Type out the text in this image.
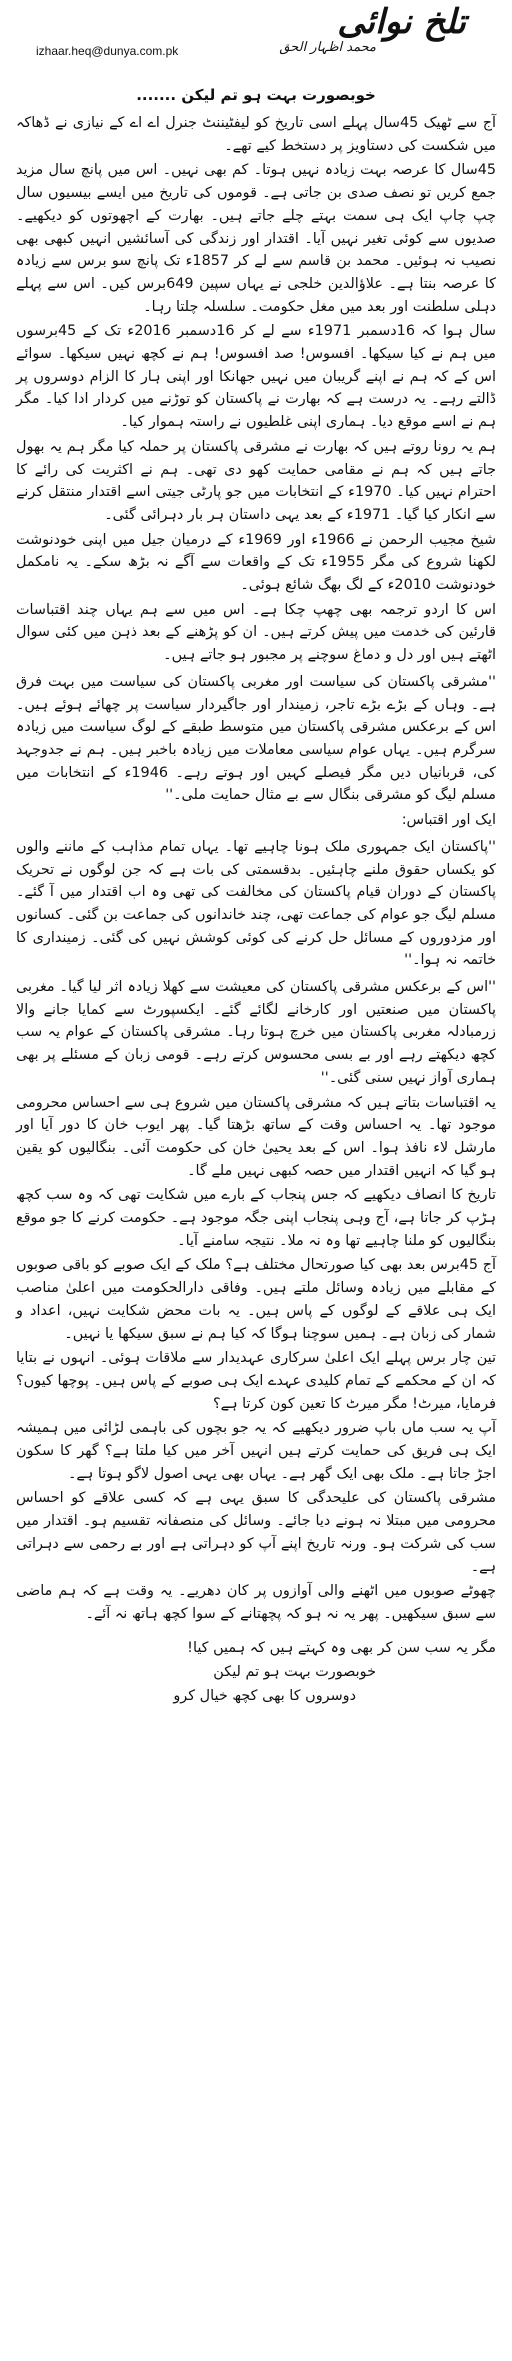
تلخ نوائی
محمد اظہار الحق
izhaar.heq@dunya.com.pk
خوبصورت بہت ہو تم لیکن .......

آج سے ٹھیک 45سال پہلے اسی تاریخ کو لیفٹیننٹ جنرل اے اے کے نیازی نے ڈھاکہ میں شکست کی دستاویز پر دستخط کیے تھے۔

45سال کا عرصہ بہت زیادہ نہیں ہوتا۔ کم بھی نہیں۔ اس میں پانچ سال مزید جمع کریں تو نصف صدی بن جاتی ہے۔ قوموں کی تاریخ میں ایسے بیسیوں سال چپ چاپ ایک ہی سمت بہتے چلے جاتے ہیں۔ بھارت کے اچھوتوں کو دیکھیے۔ صدیوں سے کوئی تغیر نہیں آیا۔ اقتدار اور زندگی کی آسائشیں انہیں کبھی بھی نصیب نہ ہوئیں۔ محمد بن قاسم سے لے کر 1857ء تک پانچ سو برس سے زیادہ کا عرصہ بنتا ہے۔ علاؤالدین خلجی نے یہاں سپین 649برس کیں۔ اس سے پہلے دہلی سلطنت اور بعد میں مغل حکومت۔ سلسلہ چلتا رہا۔

سال ہوا کہ 16دسمبر 1971ء سے لے کر 16دسمبر 2016ء تک کے 45برسوں میں ہم نے کیا سیکھا۔ افسوس! صد افسوس! ہم نے کچھ نہیں سیکھا۔ سوائے اس کے کہ ہم نے اپنے گریبان میں نہیں جھانکا اور اپنی ہار کا الزام دوسروں پر ڈالتے رہے۔ یہ درست ہے کہ بھارت نے پاکستان کو توڑنے میں کردار ادا کیا۔ مگر ہم نے اسے موقع دیا۔ ہماری اپنی غلطیوں نے راستہ ہموار کیا۔

ہم یہ رونا روتے ہیں کہ بھارت نے مشرقی پاکستان پر حملہ کیا مگر ہم یہ بھول جاتے ہیں کہ ہم نے مقامی حمایت کھو دی تھی۔ ہم نے اکثریت کی رائے کا احترام نہیں کیا۔ 1970ء کے انتخابات میں جو پارٹی جیتی اسے اقتدار منتقل کرنے سے انکار کیا گیا۔ 1971ء کے بعد یہی داستان ہر بار دہرائی گئی۔

شیخ مجیب الرحمن نے 1966ء اور 1969ء کے درمیان جیل میں اپنی خودنوشت لکھنا شروع کی مگر 1955ء تک کے واقعات سے آگے نہ بڑھ سکے۔ یہ نامکمل خودنوشت 2010ء کے لگ بھگ شائع ہوئی۔

اس کا اردو ترجمہ بھی چھپ چکا ہے۔ اس میں سے ہم یہاں چند اقتباسات قارئین کی خدمت میں پیش کرتے ہیں۔ ان کو پڑھنے کے بعد ذہن میں کئی سوال اٹھتے ہیں اور دل و دماغ سوچنے پر مجبور ہو جاتے ہیں۔

''مشرقی پاکستان کی سیاست اور مغربی پاکستان کی سیاست میں بہت فرق ہے۔ وہاں کے بڑے بڑے تاجر، زمیندار اور جاگیردار سیاست پر چھائے ہوئے ہیں۔ اس کے برعکس مشرقی پاکستان میں متوسط طبقے کے لوگ سیاست میں زیادہ سرگرم ہیں۔ یہاں عوام سیاسی معاملات میں زیادہ باخبر ہیں۔ ہم نے جدوجہد کی، قربانیاں دیں مگر فیصلے کہیں اور ہوتے رہے۔ 1946ء کے انتخابات میں مسلم لیگ کو مشرقی بنگال سے بے مثال حمایت ملی۔''

ایک اور اقتباس:

''پاکستان ایک جمہوری ملک ہونا چاہیے تھا۔ یہاں تمام مذاہب کے ماننے والوں کو یکساں حقوق ملنے چاہئیں۔ بدقسمتی کی بات ہے کہ جن لوگوں نے تحریک پاکستان کے دوران قیام پاکستان کی مخالفت کی تھی وہ اب اقتدار میں آ گئے۔ مسلم لیگ جو عوام کی جماعت تھی، چند خاندانوں کی جماعت بن گئی۔ کسانوں اور مزدوروں کے مسائل حل کرنے کی کوئی کوشش نہیں کی گئی۔ زمینداری کا خاتمہ نہ ہوا۔''

''اس کے برعکس مشرقی پاکستان کی معیشت سے کھلا زیادہ اثر لیا گیا۔ مغربی پاکستان میں صنعتیں اور کارخانے لگائے گئے۔ ایکسپورٹ سے کمایا جانے والا زرمبادلہ مغربی پاکستان میں خرچ ہوتا رہا۔ مشرقی پاکستان کے عوام یہ سب کچھ دیکھتے رہے اور بے بسی محسوس کرتے رہے۔ قومی زبان کے مسئلے پر بھی ہماری آواز نہیں سنی گئی۔''

یہ اقتباسات بتاتے ہیں کہ مشرقی پاکستان میں شروع ہی سے احساس محرومی موجود تھا۔ یہ احساس وقت کے ساتھ بڑھتا گیا۔ پھر ایوب خان کا دور آیا اور مارشل لاء نافذ ہوا۔ اس کے بعد یحییٰ خان کی حکومت آئی۔ بنگالیوں کو یقین ہو گیا کہ انہیں اقتدار میں حصہ کبھی نہیں ملے گا۔

تاریخ کا انصاف دیکھیے کہ جس پنجاب کے بارے میں شکایت تھی کہ وہ سب کچھ ہڑپ کر جاتا ہے، آج وہی پنجاب اپنی جگہ موجود ہے۔ حکومت کرنے کا جو موقع بنگالیوں کو ملنا چاہیے تھا وہ نہ ملا۔ نتیجہ سامنے آیا۔

آج 45برس بعد بھی کیا صورتحال مختلف ہے؟ ملک کے ایک صوبے کو باقی صوبوں کے مقابلے میں زیادہ وسائل ملتے ہیں۔ وفاقی دارالحکومت میں اعلیٰ مناصب ایک ہی علاقے کے لوگوں کے پاس ہیں۔ یہ بات محض شکایت نہیں، اعداد و شمار کی زبان ہے۔ ہمیں سوچنا ہوگا کہ کیا ہم نے سبق سیکھا یا نہیں۔

تین چار برس پہلے ایک اعلیٰ سرکاری عہدیدار سے ملاقات ہوئی۔ انہوں نے بتایا کہ ان کے محکمے کے تمام کلیدی عہدے ایک ہی صوبے کے پاس ہیں۔ پوچھا کیوں؟ فرمایا، میرٹ! مگر میرٹ کا تعین کون کرتا ہے؟

آپ یہ سب ماں باپ ضرور دیکھیے کہ یہ جو بچوں کی باہمی لڑائی میں ہمیشہ ایک ہی فریق کی حمایت کرتے ہیں انہیں آخر میں کیا ملتا ہے؟ گھر کا سکون اجڑ جاتا ہے۔ ملک بھی ایک گھر ہے۔ یہاں بھی یہی اصول لاگو ہوتا ہے۔

مشرقی پاکستان کی علیحدگی کا سبق یہی ہے کہ کسی علاقے کو احساس محرومی میں مبتلا نہ ہونے دیا جائے۔ وسائل کی منصفانہ تقسیم ہو۔ اقتدار میں سب کی شرکت ہو۔ ورنہ تاریخ اپنے آپ کو دہراتی ہے اور بے رحمی سے دہراتی ہے۔

چھوٹے صوبوں میں اٹھنے والی آوازوں پر کان دھریے۔ یہ وقت ہے کہ ہم ماضی سے سبق سیکھیں۔ پھر یہ نہ ہو کہ پچھتانے کے سوا کچھ ہاتھ نہ آئے۔

مگر یہ سب سن کر بھی وہ کہتے ہیں کہ ہمیں کیا!
خوبصورت بہت ہو تم لیکن
دوسروں کا بھی کچھ خیال کرو
